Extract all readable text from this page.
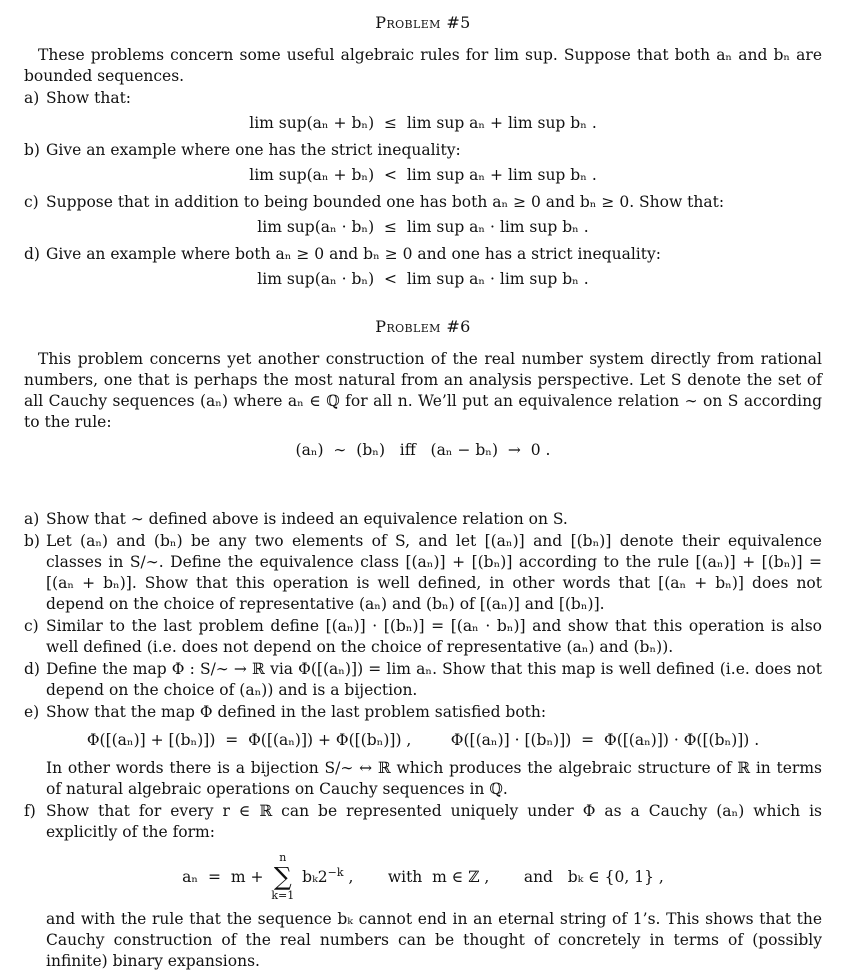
Problem #5

These problems concern some useful algebraic rules for lim sup. Suppose that both aₙ and bₙ are bounded sequences.

a) Show that:
lim sup(aₙ + bₙ)  ≤  lim sup aₙ + lim sup bₙ .
b) Give an example where one has the strict inequality:
lim sup(aₙ + bₙ)  <  lim sup aₙ + lim sup bₙ .
c) Suppose that in addition to being bounded one has both aₙ ≥ 0 and bₙ ≥ 0. Show that:
lim sup(aₙ · bₙ)  ≤  lim sup aₙ · lim sup bₙ .
d) Give an example where both aₙ ≥ 0 and bₙ ≥ 0 and one has a strict inequality:
lim sup(aₙ · bₙ)  <  lim sup aₙ · lim sup bₙ .
Problem #6

This problem concerns yet another construction of the real number system directly from rational numbers, one that is perhaps the most natural from an analysis perspective. Let S denote the set of all Cauchy sequences (aₙ) where aₙ ∈ ℚ for all n. We’ll put an equivalence relation ∼ on S according to the rule:

(aₙ)  ∼  (bₙ)   iff   (aₙ − bₙ)  →  0 .
a) Show that ∼ defined above is indeed an equivalence relation on S.
b) Let (aₙ) and (bₙ) be any two elements of S, and let [(aₙ)] and [(bₙ)] denote their equivalence classes in S/∼. Define the equivalence class [(aₙ)] + [(bₙ)] according to the rule [(aₙ)] + [(bₙ)] = [(aₙ + bₙ)]. Show that this operation is well defined, in other words that [(aₙ + bₙ)] does not depend on the choice of representative (aₙ) and (bₙ) of [(aₙ)] and [(bₙ)].
c) Similar to the last problem define [(aₙ)] · [(bₙ)] = [(aₙ · bₙ)] and show that this operation is also well defined (i.e. does not depend on the choice of representative (aₙ) and (bₙ)).
d) Define the map Φ : S/∼ → ℝ via Φ([(aₙ)]) = lim aₙ. Show that this map is well defined (i.e. does not depend on the choice of (aₙ)) and is a bijection.
e) Show that the map Φ defined in the last problem satisfied both:
Φ([(aₙ)] + [(bₙ)])  =  Φ([(aₙ)]) + Φ([(bₙ)]) ,        Φ([(aₙ)] · [(bₙ)])  =  Φ([(aₙ)]) · Φ([(bₙ)]) .

In other words there is a bijection S/∼ ↔ ℝ which produces the algebraic structure of ℝ in terms of natural algebraic operations on Cauchy sequences in ℚ.

f) Show that for every r ∈ ℝ can be represented uniquely under Φ as a Cauchy (aₙ) which is explicitly of the form:
aₙ  =  m +
n
∑
k=1
$b_k2^{-k}$ ,       with  m ∈ ℤ ,       and   bₖ ∈ {0, 1} ,

and with the rule that the sequence bₖ cannot end in an eternal string of 1’s. This shows that the Cauchy construction of the real numbers can be thought of concretely in terms of (possibly infinite) binary expansions.
